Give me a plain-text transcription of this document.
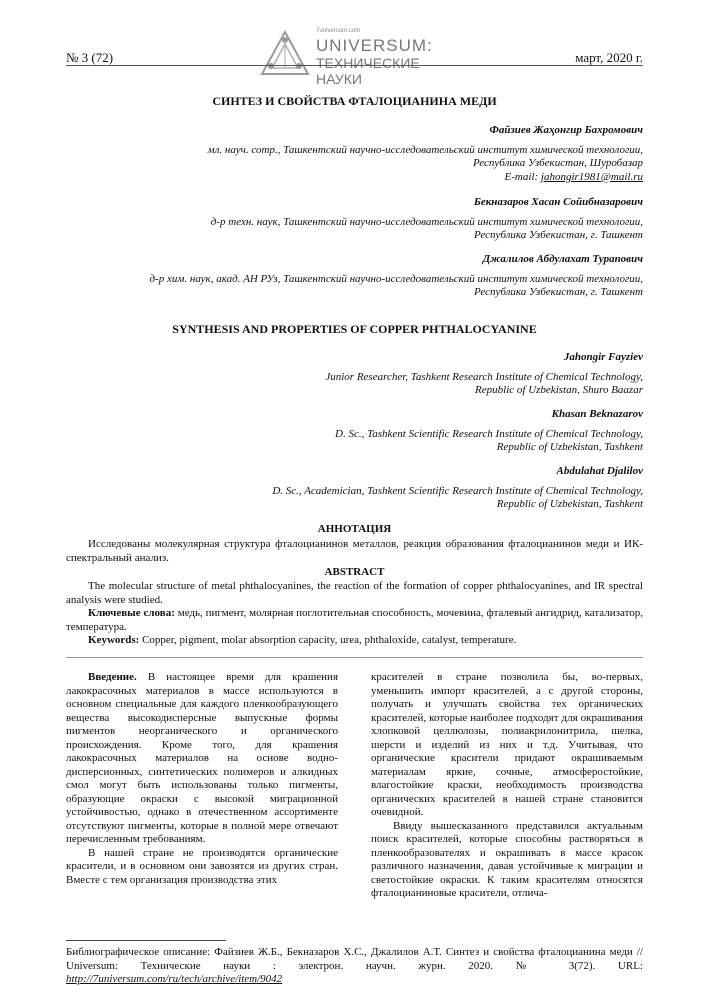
№ 3 (72)
7universum.com
UNIVERSUM:
ТЕХНИЧЕСКИЕ НАУКИ
март, 2020 г.
СИНТЕЗ И СВОЙСТВА ФТАЛОЦИАНИНА МЕДИ
Файзиев Жаҳонгир Бахромович
мл. науч. сотр., Ташкентский научно-исследовательский институт химической технологии,
Республика Узбекистан, Шуробазар
E-mail: jahongir1981@mail.ru
Бекназаров Хасан Сойибназарович
д-р техн. наук, Ташкентский научно-исследовательский институт химической технологии,
Республика Узбекистан, г. Ташкент
Джалилов Абдулахат Турапович
д-р хим. наук, акад. АН РУз, Ташкентский научно-исследовательский институт химической технологии,
Республика Узбекистан, г. Ташкент
SYNTHESIS AND PROPERTIES OF COPPER PHTHALOCYANINE
Jahongir Fayziev
Junior Researcher, Tashkent Research Institute of Chemical Technology,
Republic of Uzbekistan, Shuro Baazar
Khasan Beknazarov
D. Sc., Tashkent Scientific Research Institute of Chemical Technology,
Republic of Uzbekistan, Tashkent
Abdulahat Djalilov
D. Sc., Academician, Tashkent Scientific Research Institute of Chemical Technology,
Republic of Uzbekistan, Tashkent
АННОТАЦИЯ
Исследованы молекулярная структура фталоцианинов металлов, реакция образования фталоцианинов меди и ИК-спектральный анализ.
ABSTRACT
The molecular structure of metal phthalocyanines, the reaction of the formation of copper phthalocyanines, and IR spectral analysis were studied.
Ключевые слова: медь, пигмент, молярная поглотительная способность, мочевина, фталевый ангидрид, катализатор, температура.
Keywords: Copper, pigment, molar absorption capacity, urea, phthaloxide, catalyst, temperature.

Введение. В настоящее время для крашения лакокрасочных материалов в массе используются в основном специальные для каждого пленкообразующего вещества высокодисперсные выпускные формы пигментов неорганического и органического происхождения. Кроме того, для крашения лакокрасочных материалов на основе водно-дисперсионных, синтетических полимеров и алкидных смол могут быть использованы только пигменты, образующие окраски с высокой миграционной устойчивостью, однако в отечественном ассортименте отсутствуют пигменты, которые в полной мере отвечают перечисленным требованиям.

В нашей стране не производятся органические красители, и в основном они завозятся из других стран. Вместе с тем организация производства этих

красителей в стране позволила бы, во-первых, уменьшить импорт красителей, а с другой стороны, получать и улучшать свойства тех органических красителей, которые наиболее подходят для окрашивания хлопковой целлюлозы, полиакрилонитрила, шелка, шерсти и изделий из них и т.д. Учитывая, что органические красители придают окрашиваемым материалам яркие, сочные, атмосферостойкие, влагостойкие краски, необходимость производства органических красителей в нашей стране становится очевидной.

Ввиду вышесказанного представился актуальным поиск красителей, которые способны растворяться в пленкообразователях и окрашивать в массе красок различного назначения, давая устойчивые к миграции и светостойкие окраски. К таким красителям относятся фталоцианиновые красители, отлича-

Библиографическое описание: Файзиев Ж.Б., Бекназаров Х.С., Джалилов А.Т. Синтез и свойства фталоцианина меди // Universum: Технические науки : электрон. научн. журн. 2020. № 3(72). URL: http://7universum.com/ru/tech/archive/item/9042
